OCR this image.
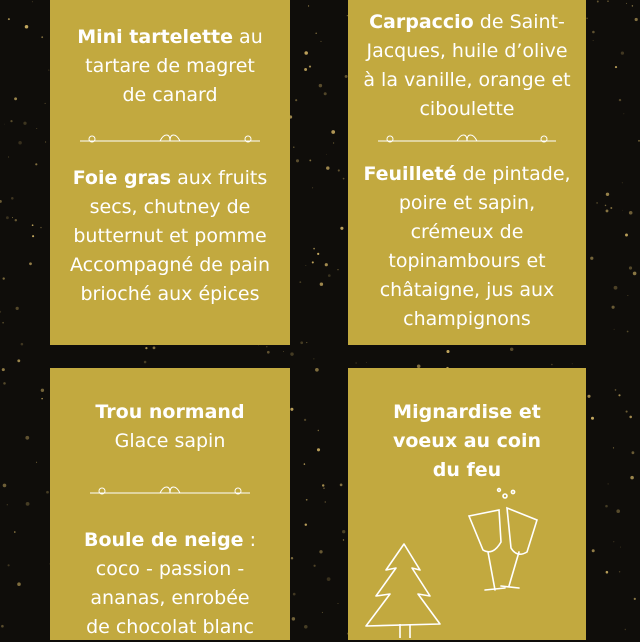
Mini tartelette au
tartare de magret
de canard
Foie gras aux fruits
secs, chutney de
butternut et pomme
Accompagné de pain
brioché aux épices
Carpaccio de Saint-
Jacques, huile d’olive
à la vanille, orange et
ciboulette
Feuilleté de pintade,
poire et sapin,
crémeux de
topinambours et
châtaigne, jus aux
champignons
Trou normand
Glace sapin
Boule de neige :
coco - passion -
ananas, enrobée
de chocolat blanc
Mignardise et
voeux au coin
du feu
